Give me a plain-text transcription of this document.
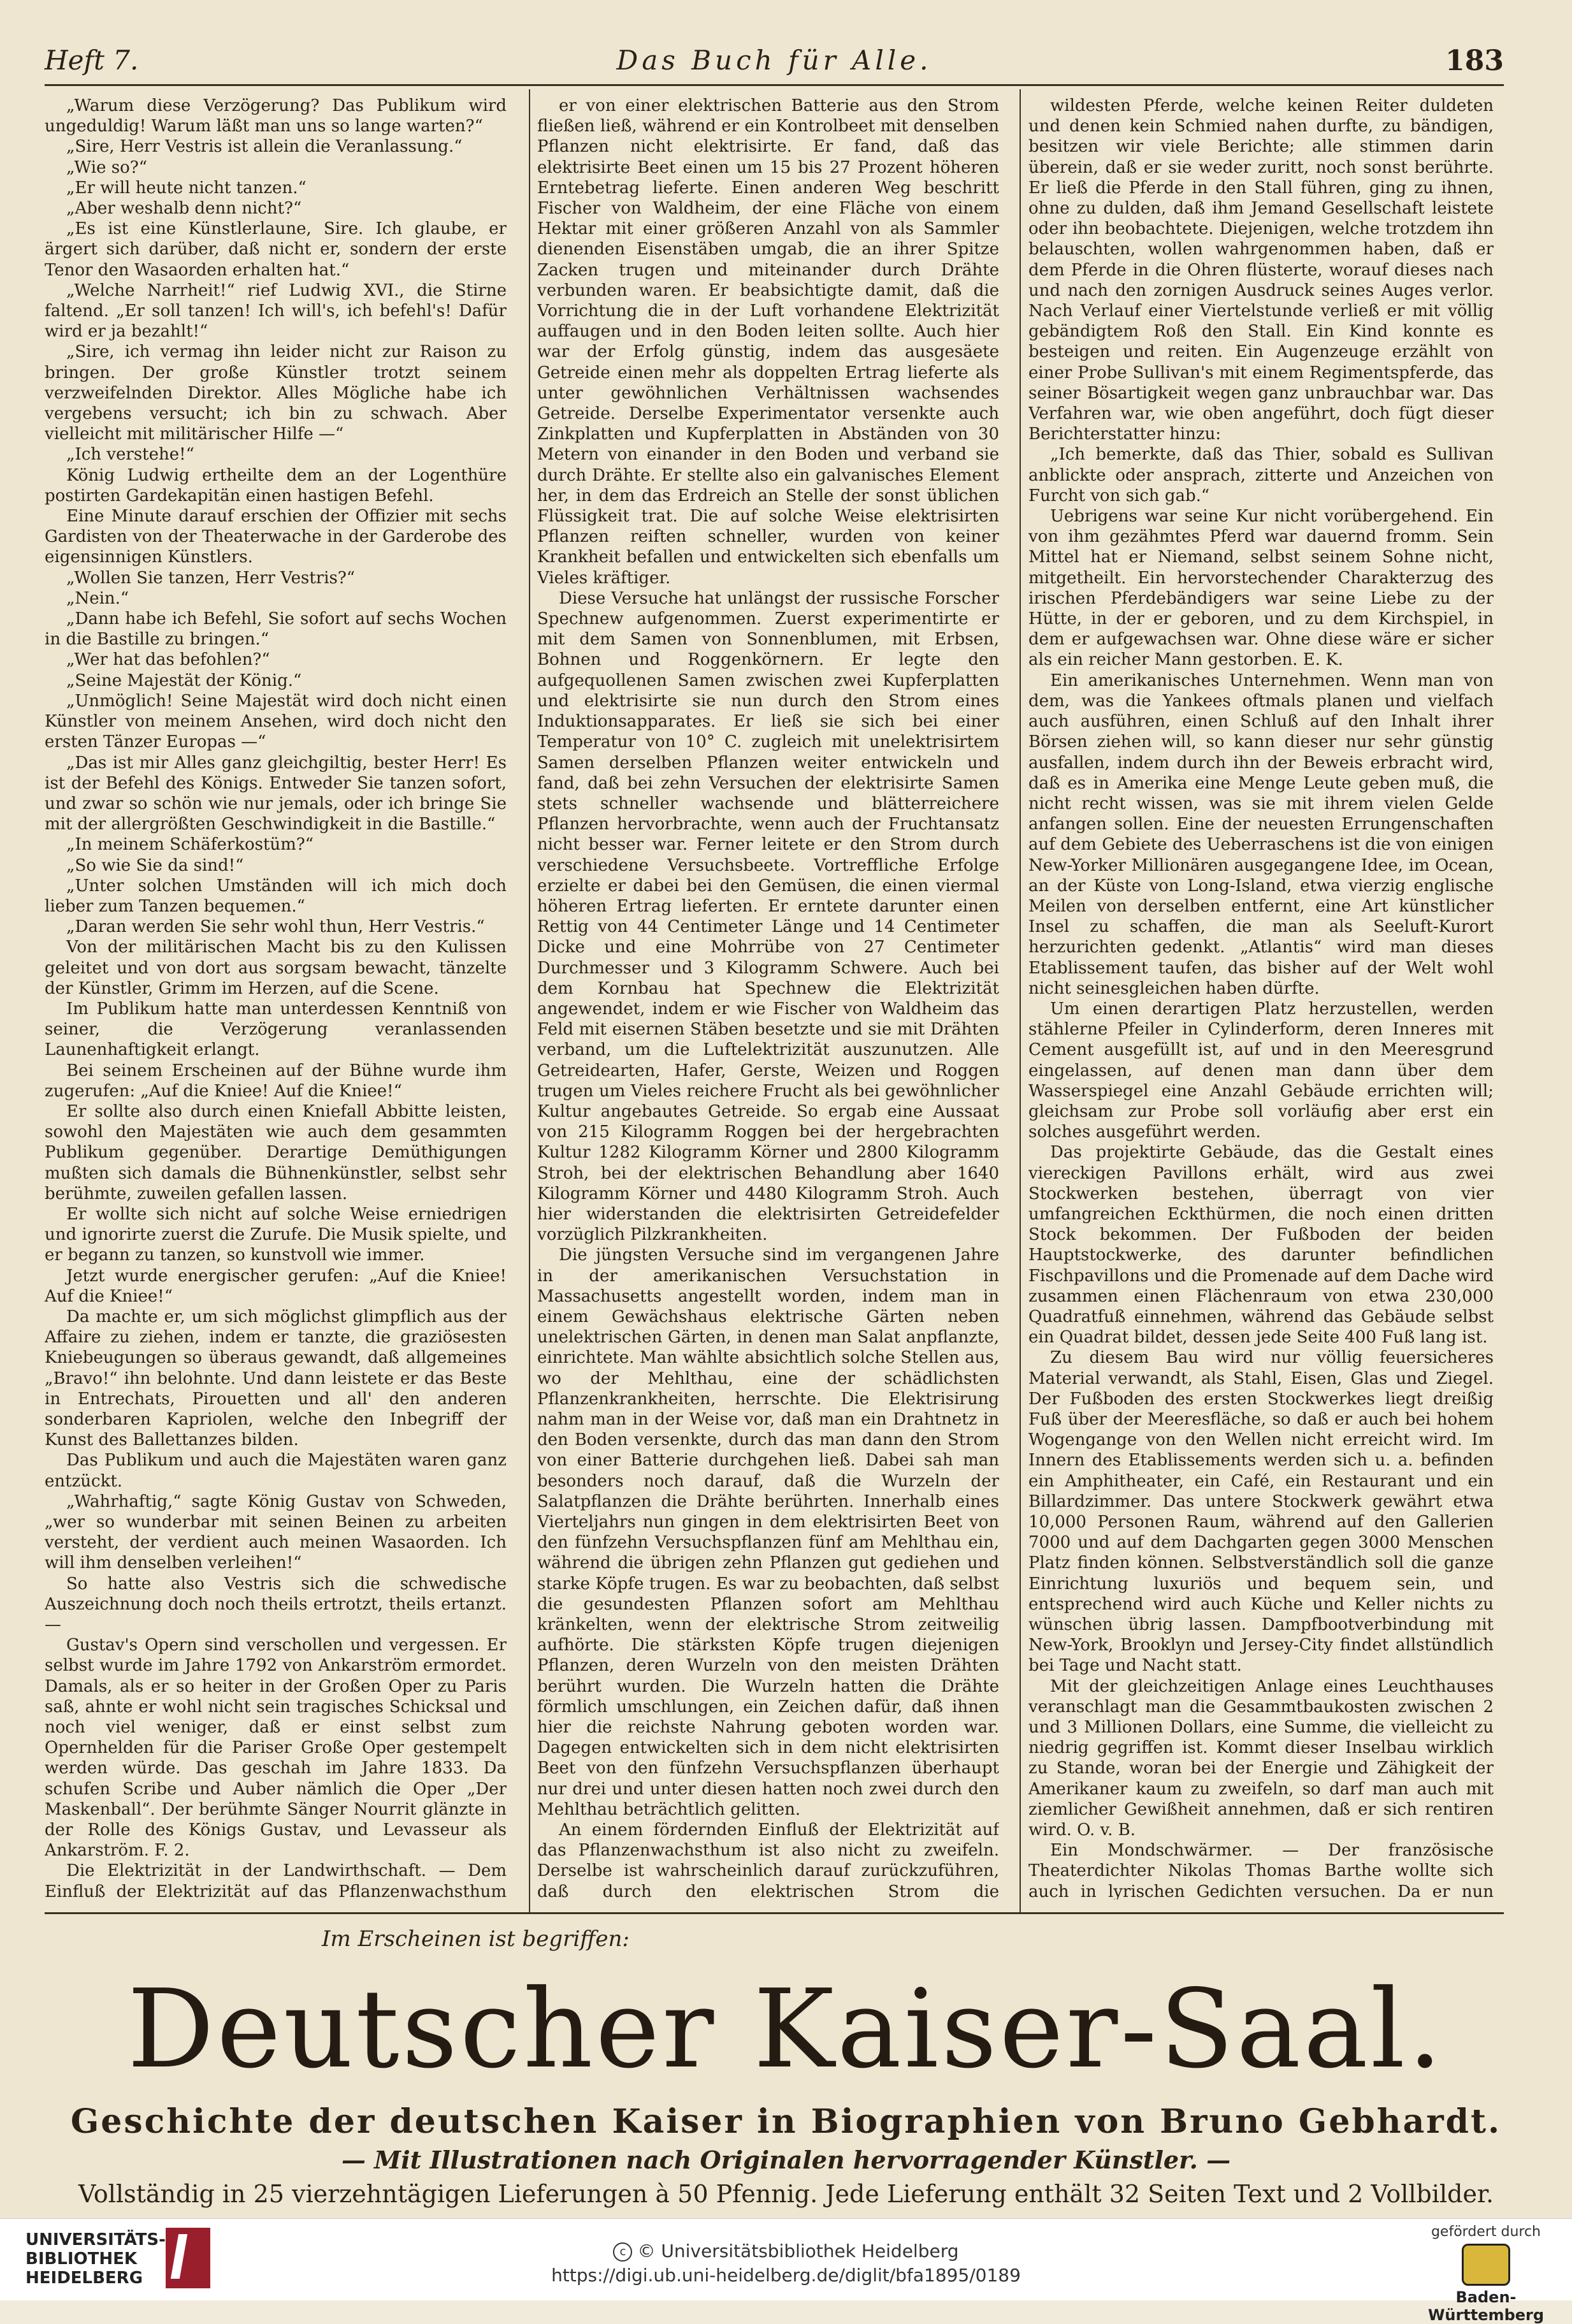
Heft 7.	Das Buch für Alle.	183

„Warum diese Verzögerung? Das Publikum wird ungeduldig! Warum läßt man uns so lange warten?“

„Sire, Herr Vestris ist allein die Veranlassung.“

„Wie so?“

„Er will heute nicht tanzen.“

„Aber weshalb denn nicht?“

„Es ist eine Künstlerlaune, Sire. Ich glaube, er ärgert sich darüber, daß nicht er, sondern der erste Tenor den Wasaorden erhalten hat.“

„Welche Narrheit!“ rief Ludwig XVI., die Stirne faltend. „Er soll tanzen! Ich will's, ich befehl's! Dafür wird er ja bezahlt!“

„Sire, ich vermag ihn leider nicht zur Raison zu bringen. Der große Künstler trotzt seinem verzweifelnden Direktor. Alles Mögliche habe ich vergebens versucht; ich bin zu schwach. Aber vielleicht mit militärischer Hilfe —“

„Ich verstehe!“

König Ludwig ertheilte dem an der Logenthüre postirten Gardekapitän einen hastigen Befehl.

Eine Minute darauf erschien der Offizier mit sechs Gardisten von der Theaterwache in der Garderobe des eigensinnigen Künstlers.

„Wollen Sie tanzen, Herr Vestris?“

„Nein.“

„Dann habe ich Befehl, Sie sofort auf sechs Wochen in die Bastille zu bringen.“

„Wer hat das befohlen?“

„Seine Majestät der König.“

„Unmöglich! Seine Majestät wird doch nicht einen Künstler von meinem Ansehen, wird doch nicht den ersten Tänzer Europas —“

„Das ist mir Alles ganz gleichgiltig, bester Herr! Es ist der Befehl des Königs. Entweder Sie tanzen sofort, und zwar so schön wie nur jemals, oder ich bringe Sie mit der allergrößten Geschwindigkeit in die Bastille.“

„In meinem Schäferkostüm?“

„So wie Sie da sind!“

„Unter solchen Umständen will ich mich doch lieber zum Tanzen bequemen.“

„Daran werden Sie sehr wohl thun, Herr Vestris.“

Von der militärischen Macht bis zu den Kulissen geleitet und von dort aus sorgsam bewacht, tänzelte der Künstler, Grimm im Herzen, auf die Scene.

Im Publikum hatte man unterdessen Kenntniß von seiner, die Verzögerung veranlassenden Launenhaftigkeit erlangt.

Bei seinem Erscheinen auf der Bühne wurde ihm zugerufen: „Auf die Kniee! Auf die Kniee!“

Er sollte also durch einen Kniefall Abbitte leisten, sowohl den Majestäten wie auch dem gesammten Publikum gegenüber. Derartige Demüthigungen mußten sich damals die Bühnenkünstler, selbst sehr berühmte, zuweilen gefallen lassen.

Er wollte sich nicht auf solche Weise erniedrigen und ignorirte zuerst die Zurufe. Die Musik spielte, und er begann zu tanzen, so kunstvoll wie immer.

Jetzt wurde energischer gerufen: „Auf die Kniee! Auf die Kniee!“

Da machte er, um sich möglichst glimpflich aus der Affaire zu ziehen, indem er tanzte, die graziösesten Kniebeugungen so überaus gewandt, daß allgemeines „Bravo!“ ihn belohnte. Und dann leistete er das Beste in Entrechats, Pirouetten und all' den anderen sonderbaren Kapriolen, welche den Inbegriff der Kunst des Ballettanzes bilden.

Das Publikum und auch die Majestäten waren ganz entzückt.

„Wahrhaftig,“ sagte König Gustav von Schweden, „wer so wunderbar mit seinen Beinen zu arbeiten versteht, der verdient auch meinen Wasaorden. Ich will ihm denselben verleihen!“

So hatte also Vestris sich die schwedische Auszeichnung doch noch theils ertrotzt, theils ertanzt. —

Gustav's Opern sind verschollen und vergessen. Er selbst wurde im Jahre 1792 von Ankarström ermordet. Damals, als er so heiter in der Großen Oper zu Paris saß, ahnte er wohl nicht sein tragisches Schicksal und noch viel weniger, daß er einst selbst zum Opernhelden für die Pariser Große Oper gestempelt werden würde. Das geschah im Jahre 1833. Da schufen Scribe und Auber nämlich die Oper „Der Maskenball“. Der berühmte Sänger Nourrit glänzte in der Rolle des Königs Gustav, und Levasseur als Ankarström. F. 2.

Die Elektrizität in der Landwirthschaft. — Dem Einfluß der Elektrizität auf das Pflanzenwachsthum

er von einer elektrischen Batterie aus den Strom fließen ließ, während er ein Kontrolbeet mit denselben Pflanzen nicht elektrisirte. Er fand, daß das elektrisirte Beet einen um 15 bis 27 Prozent höheren Erntebetrag lieferte. Einen anderen Weg beschritt Fischer von Waldheim, der eine Fläche von einem Hektar mit einer größeren Anzahl von als Sammler dienenden Eisenstäben umgab, die an ihrer Spitze Zacken trugen und miteinander durch Drähte verbunden waren. Er beabsichtigte damit, daß die Vorrichtung die in der Luft vorhandene Elektrizität auffaugen und in den Boden leiten sollte. Auch hier war der Erfolg günstig, indem das ausgesäete Getreide einen mehr als doppelten Ertrag lieferte als unter gewöhnlichen Verhältnissen wachsendes Getreide. Derselbe Experimentator versenkte auch Zinkplatten und Kupferplatten in Abständen von 30 Metern von einander in den Boden und verband sie durch Drähte. Er stellte also ein galvanisches Element her, in dem das Erdreich an Stelle der sonst üblichen Flüssigkeit trat. Die auf solche Weise elektrisirten Pflanzen reiften schneller, wurden von keiner Krankheit befallen und entwickelten sich ebenfalls um Vieles kräftiger.

Diese Versuche hat unlängst der russische Forscher Spechnew aufgenommen. Zuerst experimentirte er mit dem Samen von Sonnenblumen, mit Erbsen, Bohnen und Roggenkörnern. Er legte den aufgequollenen Samen zwischen zwei Kupferplatten und elektrisirte sie nun durch den Strom eines Induktionsapparates. Er ließ sie sich bei einer Temperatur von 10° C. zugleich mit unelektrisirtem Samen derselben Pflanzen weiter entwickeln und fand, daß bei zehn Versuchen der elektrisirte Samen stets schneller wachsende und blätterreichere Pflanzen hervorbrachte, wenn auch der Fruchtansatz nicht besser war. Ferner leitete er den Strom durch verschiedene Versuchsbeete. Vortreffliche Erfolge erzielte er dabei bei den Gemüsen, die einen viermal höheren Ertrag lieferten. Er erntete darunter einen Rettig von 44 Centimeter Länge und 14 Centimeter Dicke und eine Mohrrübe von 27 Centimeter Durchmesser und 3 Kilogramm Schwere. Auch bei dem Kornbau hat Spechnew die Elektrizität angewendet, indem er wie Fischer von Waldheim das Feld mit eisernen Stäben besetzte und sie mit Drähten verband, um die Luftelektrizität auszunutzen. Alle Getreidearten, Hafer, Gerste, Weizen und Roggen trugen um Vieles reichere Frucht als bei gewöhnlicher Kultur angebautes Getreide. So ergab eine Aussaat von 215 Kilogramm Roggen bei der hergebrachten Kultur 1282 Kilogramm Körner und 2800 Kilogramm Stroh, bei der elektrischen Behandlung aber 1640 Kilogramm Körner und 4480 Kilogramm Stroh. Auch hier widerstanden die elektrisirten Getreidefelder vorzüglich Pilzkrankheiten.

Die jüngsten Versuche sind im vergangenen Jahre in der amerikanischen Versuchstation in Massachusetts angestellt worden, indem man in einem Gewächshaus elektrische Gärten neben unelektrischen Gärten, in denen man Salat anpflanzte, einrichtete. Man wählte absichtlich solche Stellen aus, wo der Mehlthau, eine der schädlichsten Pflanzenkrankheiten, herrschte. Die Elektrisirung nahm man in der Weise vor, daß man ein Drahtnetz in den Boden versenkte, durch das man dann den Strom von einer Batterie durchgehen ließ. Dabei sah man besonders noch darauf, daß die Wurzeln der Salatpflanzen die Drähte berührten. Innerhalb eines Vierteljahrs nun gingen in dem elektrisirten Beet von den fünfzehn Versuchspflanzen fünf am Mehlthau ein, während die übrigen zehn Pflanzen gut gediehen und starke Köpfe trugen. Es war zu beobachten, daß selbst die gesundesten Pflanzen sofort am Mehlthau kränkelten, wenn der elektrische Strom zeitweilig aufhörte. Die stärksten Köpfe trugen diejenigen Pflanzen, deren Wurzeln von den meisten Drähten berührt wurden. Die Wurzeln hatten die Drähte förmlich umschlungen, ein Zeichen dafür, daß ihnen hier die reichste Nahrung geboten worden war. Dagegen entwickelten sich in dem nicht elektrisirten Beet von den fünfzehn Versuchspflanzen überhaupt nur drei und unter diesen hatten noch zwei durch den Mehlthau beträchtlich gelitten.

An einem fördernden Einfluß der Elektrizität auf das Pflanzenwachsthum ist also nicht zu zweifeln. Derselbe ist wahrscheinlich darauf zurückzuführen, daß durch den elektrischen Strom die

wildesten Pferde, welche keinen Reiter duldeten und denen kein Schmied nahen durfte, zu bändigen, besitzen wir viele Berichte; alle stimmen darin überein, daß er sie weder zuritt, noch sonst berührte. Er ließ die Pferde in den Stall führen, ging zu ihnen, ohne zu dulden, daß ihm Jemand Gesellschaft leistete oder ihn beobachtete. Diejenigen, welche trotzdem ihn belauschten, wollen wahrgenommen haben, daß er dem Pferde in die Ohren flüsterte, worauf dieses nach und nach den zornigen Ausdruck seines Auges verlor. Nach Verlauf einer Viertelstunde verließ er mit völlig gebändigtem Roß den Stall. Ein Kind konnte es besteigen und reiten. Ein Augenzeuge erzählt von einer Probe Sullivan's mit einem Regimentspferde, das seiner Bösartigkeit wegen ganz unbrauchbar war. Das Verfahren war, wie oben angeführt, doch fügt dieser Berichterstatter hinzu:

„Ich bemerkte, daß das Thier, sobald es Sullivan anblickte oder ansprach, zitterte und Anzeichen von Furcht von sich gab.“

Uebrigens war seine Kur nicht vorübergehend. Ein von ihm gezähmtes Pferd war dauernd fromm. Sein Mittel hat er Niemand, selbst seinem Sohne nicht, mitgetheilt. Ein hervorstechender Charakterzug des irischen Pferdebändigers war seine Liebe zu der Hütte, in der er geboren, und zu dem Kirchspiel, in dem er aufgewachsen war. Ohne diese wäre er sicher als ein reicher Mann gestorben. E. K.

Ein amerikanisches Unternehmen. Wenn man von dem, was die Yankees oftmals planen und vielfach auch ausführen, einen Schluß auf den Inhalt ihrer Börsen ziehen will, so kann dieser nur sehr günstig ausfallen, indem durch ihn der Beweis erbracht wird, daß es in Amerika eine Menge Leute geben muß, die nicht recht wissen, was sie mit ihrem vielen Gelde anfangen sollen. Eine der neuesten Errungenschaften auf dem Gebiete des Ueberraschens ist die von einigen New-Yorker Millionären ausgegangene Idee, im Ocean, an der Küste von Long-Island, etwa vierzig englische Meilen von derselben entfernt, eine Art künstlicher Insel zu schaffen, die man als Seeluft-Kurort herzurichten gedenkt. „Atlantis“ wird man dieses Etablissement taufen, das bisher auf der Welt wohl nicht seinesgleichen haben dürfte.

Um einen derartigen Platz herzustellen, werden stählerne Pfeiler in Cylinderform, deren Inneres mit Cement ausgefüllt ist, auf und in den Meeresgrund eingelassen, auf denen man dann über dem Wasserspiegel eine Anzahl Gebäude errichten will; gleichsam zur Probe soll vorläufig aber erst ein solches ausgeführt werden.

Das projektirte Gebäude, das die Gestalt eines viereckigen Pavillons erhält, wird aus zwei Stockwerken bestehen, überragt von vier umfangreichen Eckthürmen, die noch einen dritten Stock bekommen. Der Fußboden der beiden Hauptstockwerke, des darunter befindlichen Fischpavillons und die Promenade auf dem Dache wird zusammen einen Flächenraum von etwa 230,000 Quadratfuß einnehmen, während das Gebäude selbst ein Quadrat bildet, dessen jede Seite 400 Fuß lang ist.

Zu diesem Bau wird nur völlig feuersicheres Material verwandt, als Stahl, Eisen, Glas und Ziegel. Der Fußboden des ersten Stockwerkes liegt dreißig Fuß über der Meeresfläche, so daß er auch bei hohem Wogengange von den Wellen nicht erreicht wird. Im Innern des Etablissements werden sich u. a. befinden ein Amphitheater, ein Café, ein Restaurant und ein Billardzimmer. Das untere Stockwerk gewährt etwa 10,000 Personen Raum, während auf den Gallerien 7000 und auf dem Dachgarten gegen 3000 Menschen Platz finden können. Selbstverständlich soll die ganze Einrichtung luxuriös und bequem sein, und entsprechend wird auch Küche und Keller nichts zu wünschen übrig lassen. Dampfbootverbindung mit New-York, Brooklyn und Jersey-City findet allstündlich bei Tage und Nacht statt.

Mit der gleichzeitigen Anlage eines Leuchthauses veranschlagt man die Gesammtbaukosten zwischen 2 und 3 Millionen Dollars, eine Summe, die vielleicht zu niedrig gegriffen ist. Kommt dieser Inselbau wirklich zu Stande, woran bei der Energie und Zähigkeit der Amerikaner kaum zu zweifeln, so darf man auch mit ziemlicher Gewißheit annehmen, daß er sich rentiren wird. O. v. B.

Ein Mondschwärmer. — Der französische Theaterdichter Nikolas Thomas Barthe wollte sich auch in lyrischen Gedichten versuchen. Da er nun

Im Erscheinen ist begriffen:
Deutscher Kaiser-Saal.
Geschichte der deutschen Kaiser in Biographien von Bruno Gebhardt.
— Mit Illustrationen nach Originalen hervorragender Künstler. —
Vollständig in 25 vierzehntägigen Lieferungen à 50 Pfennig. Jede Lieferung enthält 32 Seiten Text und 2 Vollbilder.
UNIVERSITÄTS-
BIBLIOTHEK
HEIDELBERG
c © Universitätsbibliothek Heidelberg
https://digi.ub.uni-heidelberg.de/diglit/bfa1895/0189
gefördert durch
Baden-Württemberg
